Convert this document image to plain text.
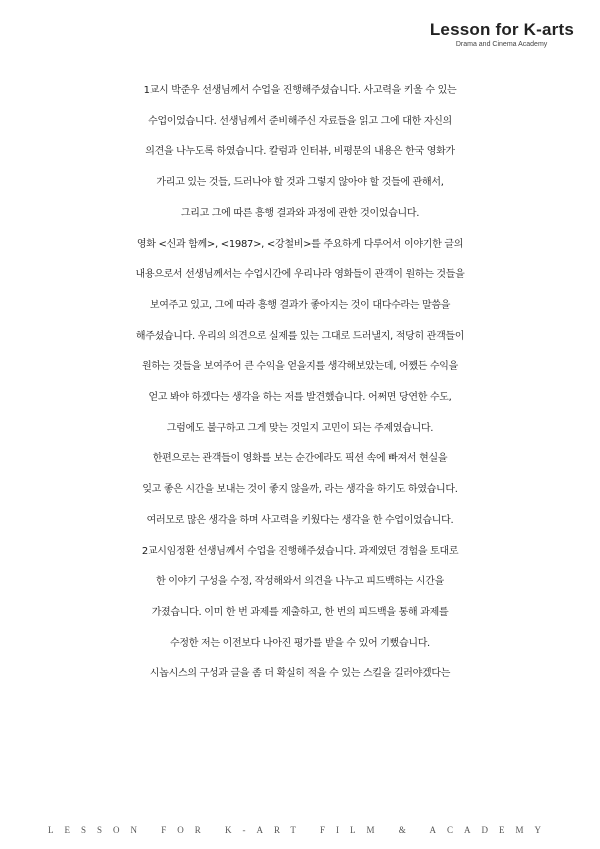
Lesson for K-arts
Drama and Cinema Academy
1교시 박준우 선생님께서 수업을 진행해주셨습니다. 사고력을 키울 수 있는
수업이었습니다. 선생님께서 준비해주신 자료들을 읽고 그에 대한 자신의
의견을 나누도록 하였습니다. 칼럼과 인터뷰, 비평문의 내용은 한국 영화가
가리고 있는 것들, 드러나야 할 것과 그렇지 않아야 할 것들에 관해서,
그리고 그에 따른 흥행 결과와 과정에 관한 것이었습니다.
영화 <신과 함께>, <1987>, <강철비>를 주요하게 다루어서 이야기한 글의
내용으로서 선생님께서는 수업시간에 우리나라 영화들이 관객이 원하는 것들을
보여주고 있고, 그에 따라 흥행 결과가 좋아지는 것이 대다수라는 말씀을
해주셨습니다. 우리의 의견으로 실제를 있는 그대로 드러낼지, 적당히 관객들이
원하는 것들을 보여주어 큰 수익을 얻을지를 생각해보았는데, 어쨌든 수익을
얻고 봐야 하겠다는 생각을 하는 저를 발견했습니다. 어쩌면 당연한 수도,
그럼에도 불구하고 그게 맞는 것일지 고민이 되는 주제였습니다.
한편으로는 관객들이 영화를 보는 순간에라도 픽션 속에 빠져서 현실을
잊고 좋은 시간을 보내는 것이 좋지 않을까, 라는 생각을 하기도 하였습니다.
여러모로 많은 생각을 하며 사고력을 키웠다는 생각을 한 수업이었습니다.
2교시임정환 선생님께서 수업을 진행해주셨습니다. 과제였던 경험을 토대로
한 이야기 구성을 수정, 작성해와서 의견을 나누고 피드백하는 시간을
가졌습니다. 이미 한 번 과제를 제출하고, 한 번의 피드백을 통해 과제를
수정한 저는 이전보다 나아진 평가를 받을 수 있어 기뻤습니다.
시놉시스의 구성과 글을 좀 더 확실히 적을 수 있는 스킬을 길러야겠다는
LESSON FOR K-ART FILM & ACADEMY
